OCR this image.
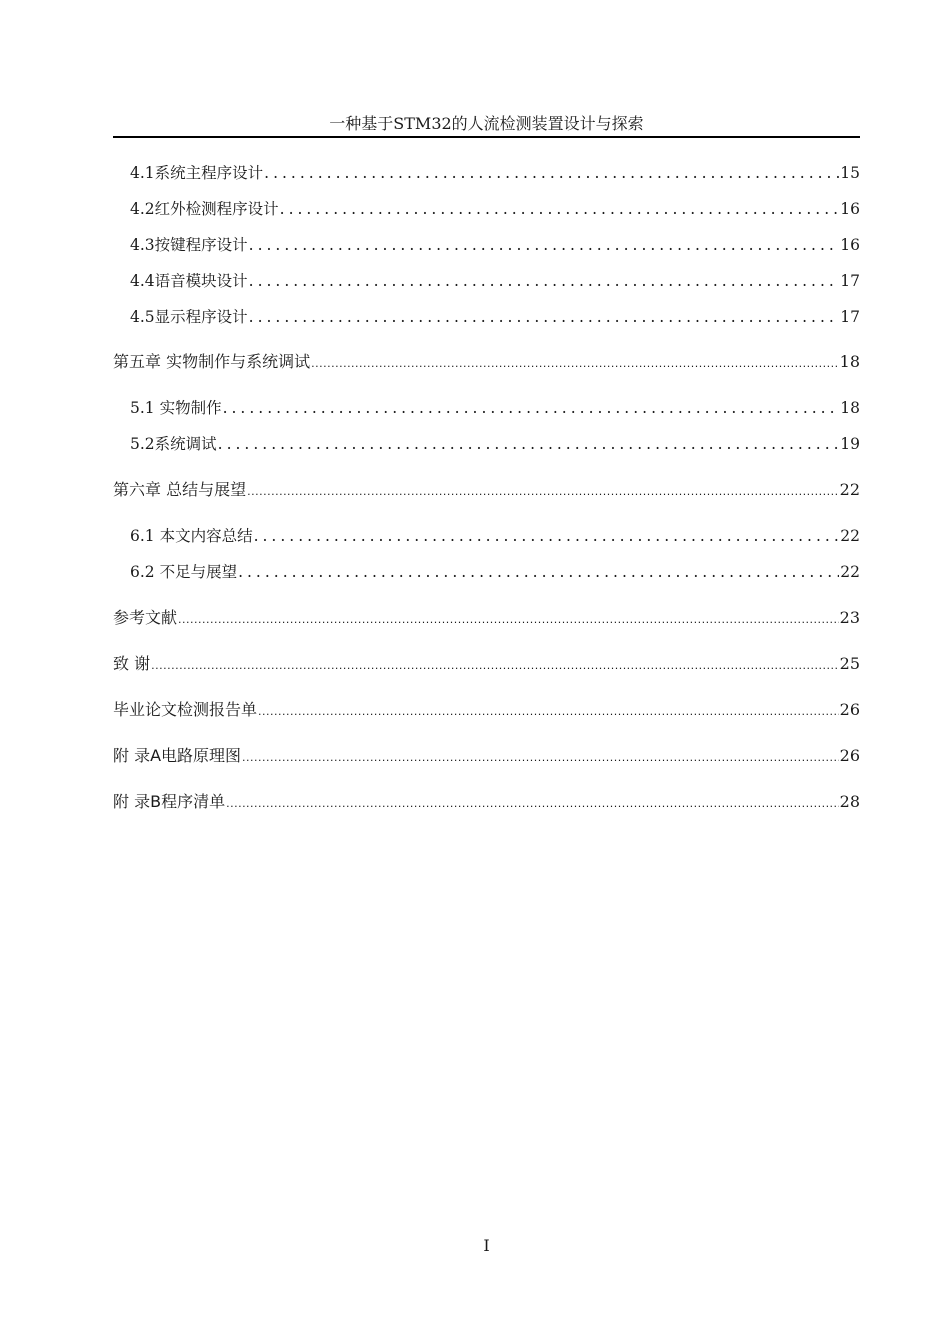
一种基于STM32的人流检测装置设计与探索
4.1系统主程序设计 .....	15
4.2红外检测程序设计 .....	16
4.3按键程序设计 .....	16
4.4语音模块设计 .....	17
4.5显示程序设计 .....	17
第五章 实物制作与系统调试 .....	18
5.1 实物制作 .....	18
5.2系统调试 .....	19
第六章 总结与展望 .....	22
6.1 本文内容总结 .....	22
6.2 不足与展望 .....	22
参考文献 .....	23
致 谢 .....	25
毕业论文检测报告单 .....	26
附 录A电路原理图 .....	26
附 录B程序清单 .....	28
I
